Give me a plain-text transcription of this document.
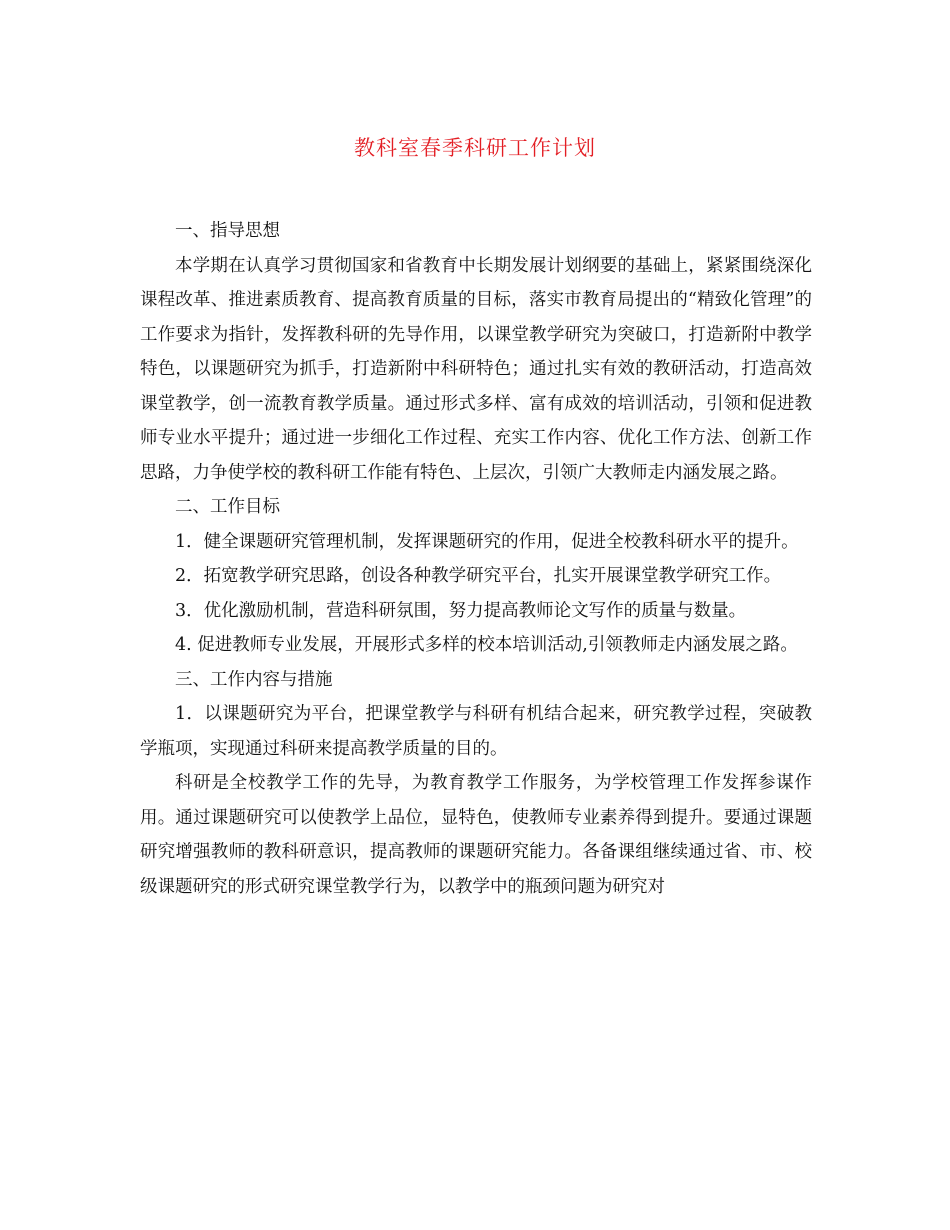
教科室春季科研工作计划

一、指导思想

本学期在认真学习贯彻国家和省教育中长期发展计划纲要的基础上，紧紧围绕深化课程改革、推进素质教育、提高教育质量的目标，落实市教育局提出的“精致化管理”的工作要求为指针，发挥教科研的先导作用，以课堂教学研究为突破口，打造新附中教学特色，以课题研究为抓手，打造新附中科研特色；通过扎实有效的教研活动，打造高效课堂教学，创一流教育教学质量。通过形式多样、富有成效的培训活动，引领和促进教师专业水平提升；通过进一步细化工作过程、充实工作内容、优化工作方法、创新工作思路，力争使学校的教科研工作能有特色、上层次，引领广大教师走内涵发展之路。

二、工作目标

1．健全课题研究管理机制，发挥课题研究的作用，促进全校教科研水平的提升。

2．拓宽教学研究思路，创设各种教学研究平台，扎实开展课堂教学研究工作。

3．优化激励机制，营造科研氛围，努力提高教师论文写作的质量与数量。

4. 促进教师专业发展，开展形式多样的校本培训活动,引领教师走内涵发展之路。

三、工作内容与措施

1．以课题研究为平台，把课堂教学与科研有机结合起来，研究教学过程，突破教学瓶项，实现通过科研来提高教学质量的目的。

科研是全校教学工作的先导，为教育教学工作服务，为学校管理工作发挥参谋作用。通过课题研究可以使教学上品位，显特色，使教师专业素养得到提升。要通过课题研究增强教师的教科研意识，提高教师的课题研究能力。各备课组继续通过省、市、校级课题研究的形式研究课堂教学行为，以教学中的瓶颈问题为研究对
